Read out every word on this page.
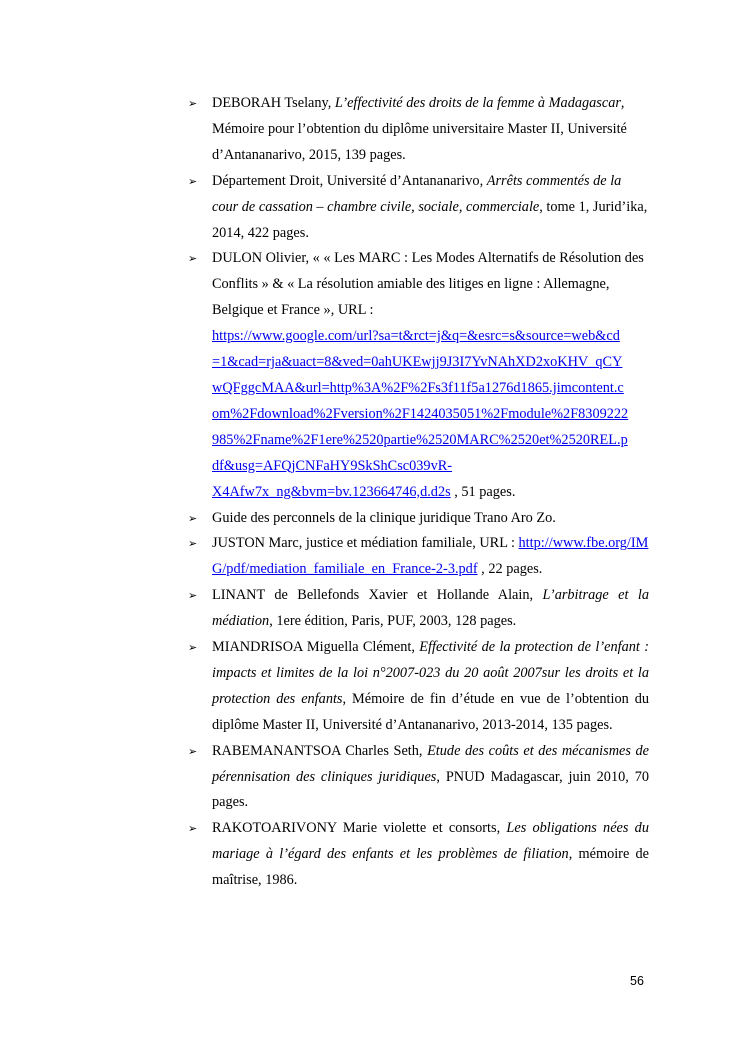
➢ DEBORAH Tselany, L’effectivité des droits de la femme à Madagascar, Mémoire pour l’obtention du diplôme universitaire Master II, Université d’Antananarivo, 2015, 139 pages.
➢ Département Droit, Université d’Antananarivo, Arrêts commentés de la cour de cassation – chambre civile, sociale, commerciale, tome 1, Jurid’ika, 2014, 422 pages.
➢ DULON Olivier, « « Les MARC : Les Modes Alternatifs de Résolution des Conflits » & « La résolution amiable des litiges en ligne : Allemagne, Belgique et France », URL :
https://www.google.com/url?sa=t&rct=j&q=&esrc=s&source=web&cd
=1&cad=rja&uact=8&ved=0ahUKEwjj9J3I7YvNAhXD2xoKHV_qCY
wQFggcMAA&url=http%3A%2F%2Fs3f11f5a1276d1865.jimcontent.c
om%2Fdownload%2Fversion%2F1424035051%2Fmodule%2F8309222
985%2Fname%2F1ere%2520partie%2520MARC%2520et%2520REL.p
df&usg=AFQjCNFaHY9SkShCsc039vR-
X4Afw7x_ng&bvm=bv.123664746,d.d2s , 51 pages.
➢ Guide des perconnels de la clinique juridique Trano Aro Zo.
➢ JUSTON Marc, justice et médiation familiale, URL : http://www.fbe.org/IMG/pdf/mediation_familiale_en_France-2-3.pdf , 22 pages.
➢ LINANT de Bellefonds Xavier et Hollande Alain, L’arbitrage et la médiation, 1ere édition, Paris, PUF, 2003, 128 pages.
➢ MIANDRISOA Miguella Clément, Effectivité de la protection de l’enfant : impacts et limites de la loi n°2007-023 du 20 août 2007sur les droits et la protection des enfants, Mémoire de fin d’étude en vue de l’obtention du diplôme Master II, Université d’Antananarivo, 2013-2014, 135 pages.
➢ RABEMANANTSOA Charles Seth, Etude des coûts et des mécanismes de pérennisation des cliniques juridiques, PNUD Madagascar, juin 2010, 70 pages.
➢ RAKOTOARIVONY Marie violette et consorts, Les obligations nées du mariage à l’égard des enfants et les problèmes de filiation, mémoire de maîtrise, 1986.
56
